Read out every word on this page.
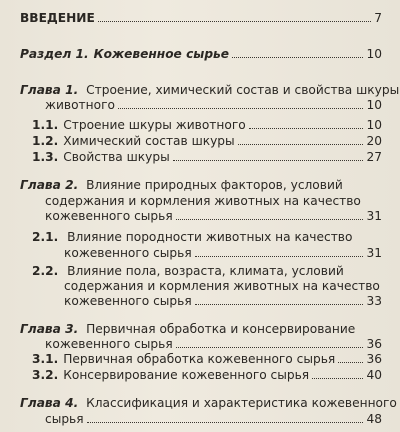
ВВЕДЕНИЕ	7
Раздел 1. Кожевенное сырье	10
Глава 1. Строение, химический состав и свойства шкуры
животного	10
1.1. Строение шкуры животного	10
1.2. Химический состав шкуры	20
1.3. Свойства шкуры	27
Глава 2. Влияние природных факторов, условий
содержания и кормления животных на качество
кожевенного сырья	31
2.1. Влияние породности животных на качество
кожевенного сырья	31
2.2. Влияние пола, возраста, климата, условий
содержания и кормления животных на качество
кожевенного сырья	33
Глава 3. Первичная обработка и консервирование
кожевенного сырья	36
3.1. Первичная обработка кожевенного сырья	36
3.2. Консервирование кожевенного сырья	40
Глава 4. Классификация и характеристика кожевенного
сырья	48
